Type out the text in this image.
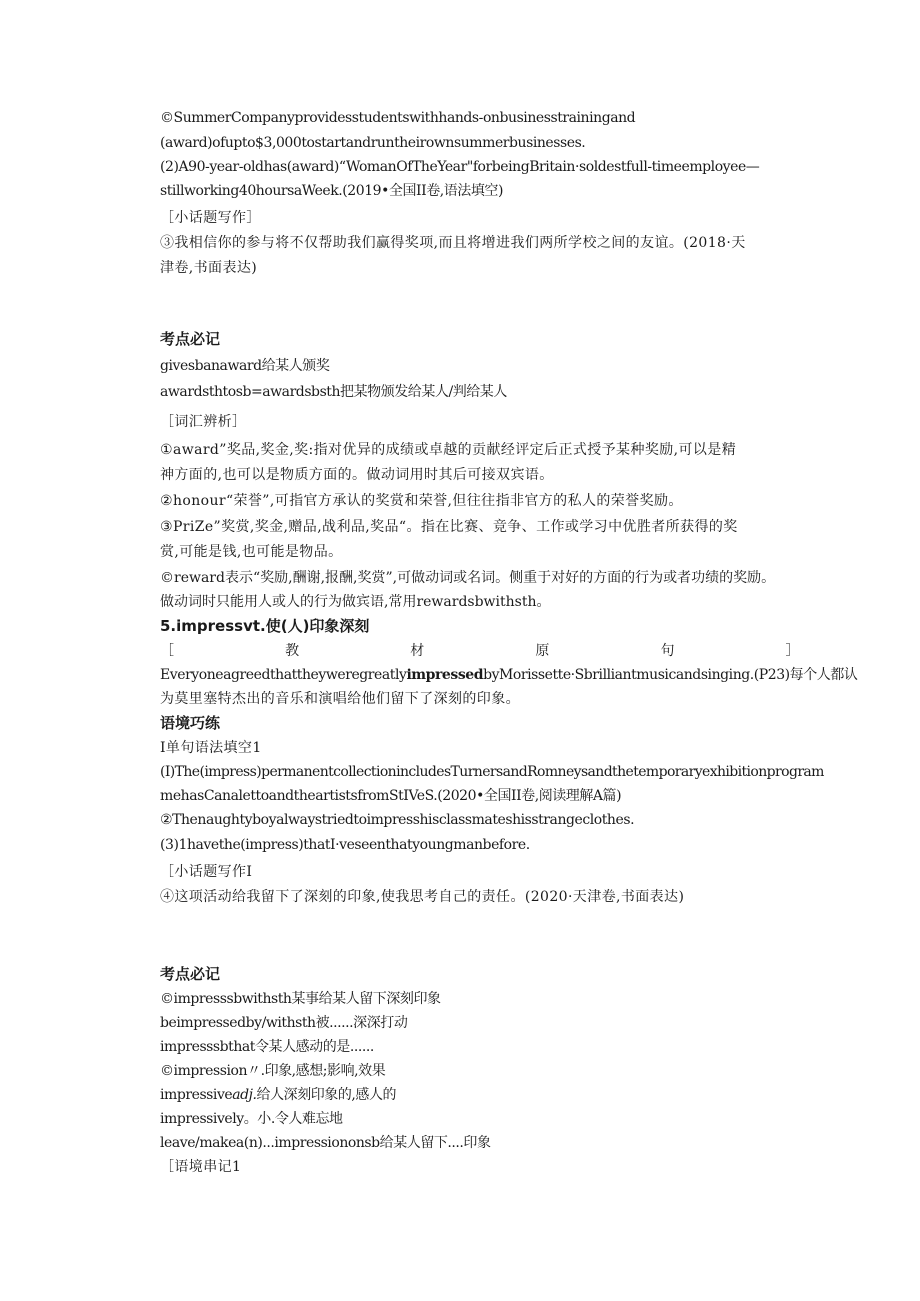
©SummerCompanyprovidesstudentswithhands-onbusinesstrainingand
(award)ofupto$3,000tostartandruntheirownsummerbusinesses.
(2)A90-year-oldhas(award)“WomanOfTheYear"forbeingBritain·soldestfull-timeemployee—
stillworking40hoursaWeek.(2019•全国II卷,语法填空)
［小话题写作］
③我相信你的参与将不仅帮助我们赢得奖项,而且将增进我们两所学校之间的友谊。(2018·天
津卷,书面表达)
考点必记
givesbanaward给某人颁奖
awardsthtosb=awardsbsth把某物颁发给某人/判给某人
［词汇辨析］
①award”奖品,奖金,奖:指对优异的成绩或卓越的贡献经评定后正式授予某种奖励,可以是精
神方面的,也可以是物质方面的。做动词用时其后可接双宾语。
②honour“荣誉”,可指官方承认的奖赏和荣誉,但往往指非官方的私人的荣誉奖励。
③PriZe”奖赏,奖金,赠品,战利品,奖品“。指在比赛、竞争、工作或学习中优胜者所获得的奖
赏,可能是钱,也可能是物品。
©reward表示“奖励,酬谢,报酬,奖赏”,可做动词或名词。侧重于对好的方面的行为或者功绩的奖励。
做动词时只能用人或人的行为做宾语,常用rewardsbwithsth。
5.impressvt.使(人)印象深刻
［	教	材	原	句	］
EveryoneagreedthattheyweregreatlyimpressedbyMorissette·Sbrilliantmusicandsinging.(P23)每个人都认
为莫里塞特杰出的音乐和演唱给他们留下了深刻的印象。
语境巧练
I单句语法填空1
(I)The(impress)permanentcollectionincludesTurnersandRomneysandthetemporaryexhibitionprogram
mehasCanalettoandtheartistsfromStIVeS.(2020•全国II卷,阅读理解A篇)
②Thenaughtyboyalwaystriedtoimpresshisclassmateshisstrangeclothes.
(3)1havethe(impress)thatI·veseenthatyoungmanbefore.
［小话题写作I
④这项活动给我留下了深刻的印象,使我思考自己的责任。(2020·天津卷,书面表达)
考点必记
©impresssbwithsth某事给某人留下深刻印象
beimpressedby/withsth被......深深打动
impresssbthat令某人感动的是......
©impression〃.印象,感想;影响,效果
impressiveadj.给人深刻印象的,感人的
impressively。小.令人难忘地
leave/makea(n)...impressiononsb给某人留下....印象
［语境串记1
